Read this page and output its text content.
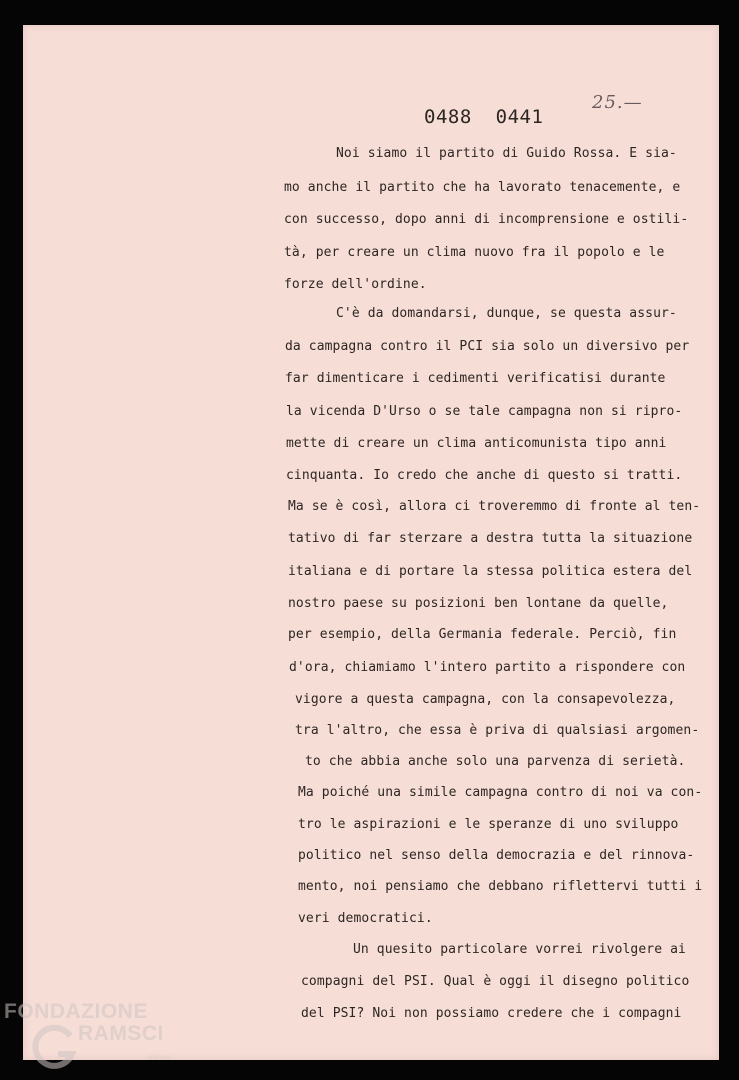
0488  0441
25.—
Noi siamo il partito di Guido Rossa. E sia-
mo anche il partito che ha lavorato tenacemente, e
con successo, dopo anni di incomprensione e ostili-
tà, per creare un clima nuovo fra il popolo e le
forze dell'ordine.
C'è da domandarsi, dunque, se questa assur-
da campagna contro il PCI sia solo un diversivo per
far dimenticare i cedimenti verificatisi durante
la vicenda D'Urso o se tale campagna non si ripro-
mette di creare un clima anticomunista tipo anni
cinquanta. Io credo che anche di questo si tratti.
Ma se è così, allora ci troveremmo di fronte al ten-
tativo di far sterzare a destra tutta la situazione
italiana e di portare la stessa politica estera del
nostro paese su posizioni ben lontane da quelle,
per esempio, della Germania federale. Perciò, fin
d'ora, chiamiamo l'intero partito a rispondere con
vigore a questa campagna, con la consapevolezza,
tra l'altro, che essa è priva di qualsiasi argomen-
to che abbia anche solo una parvenza di serietà.
Ma poiché una simile campagna contro di noi va con-
tro le aspirazioni e le speranze di uno sviluppo
politico nel senso della democrazia e del rinnova-
mento, noi pensiamo che debbano riflettervi tutti i
veri democratici.
Un quesito particolare vorrei rivolgere ai
compagni del PSI. Qual è oggi il disegno politico
del PSI? Noi non possiamo credere che i compagni
FONDAZIONE
RAMSCI
onlus
